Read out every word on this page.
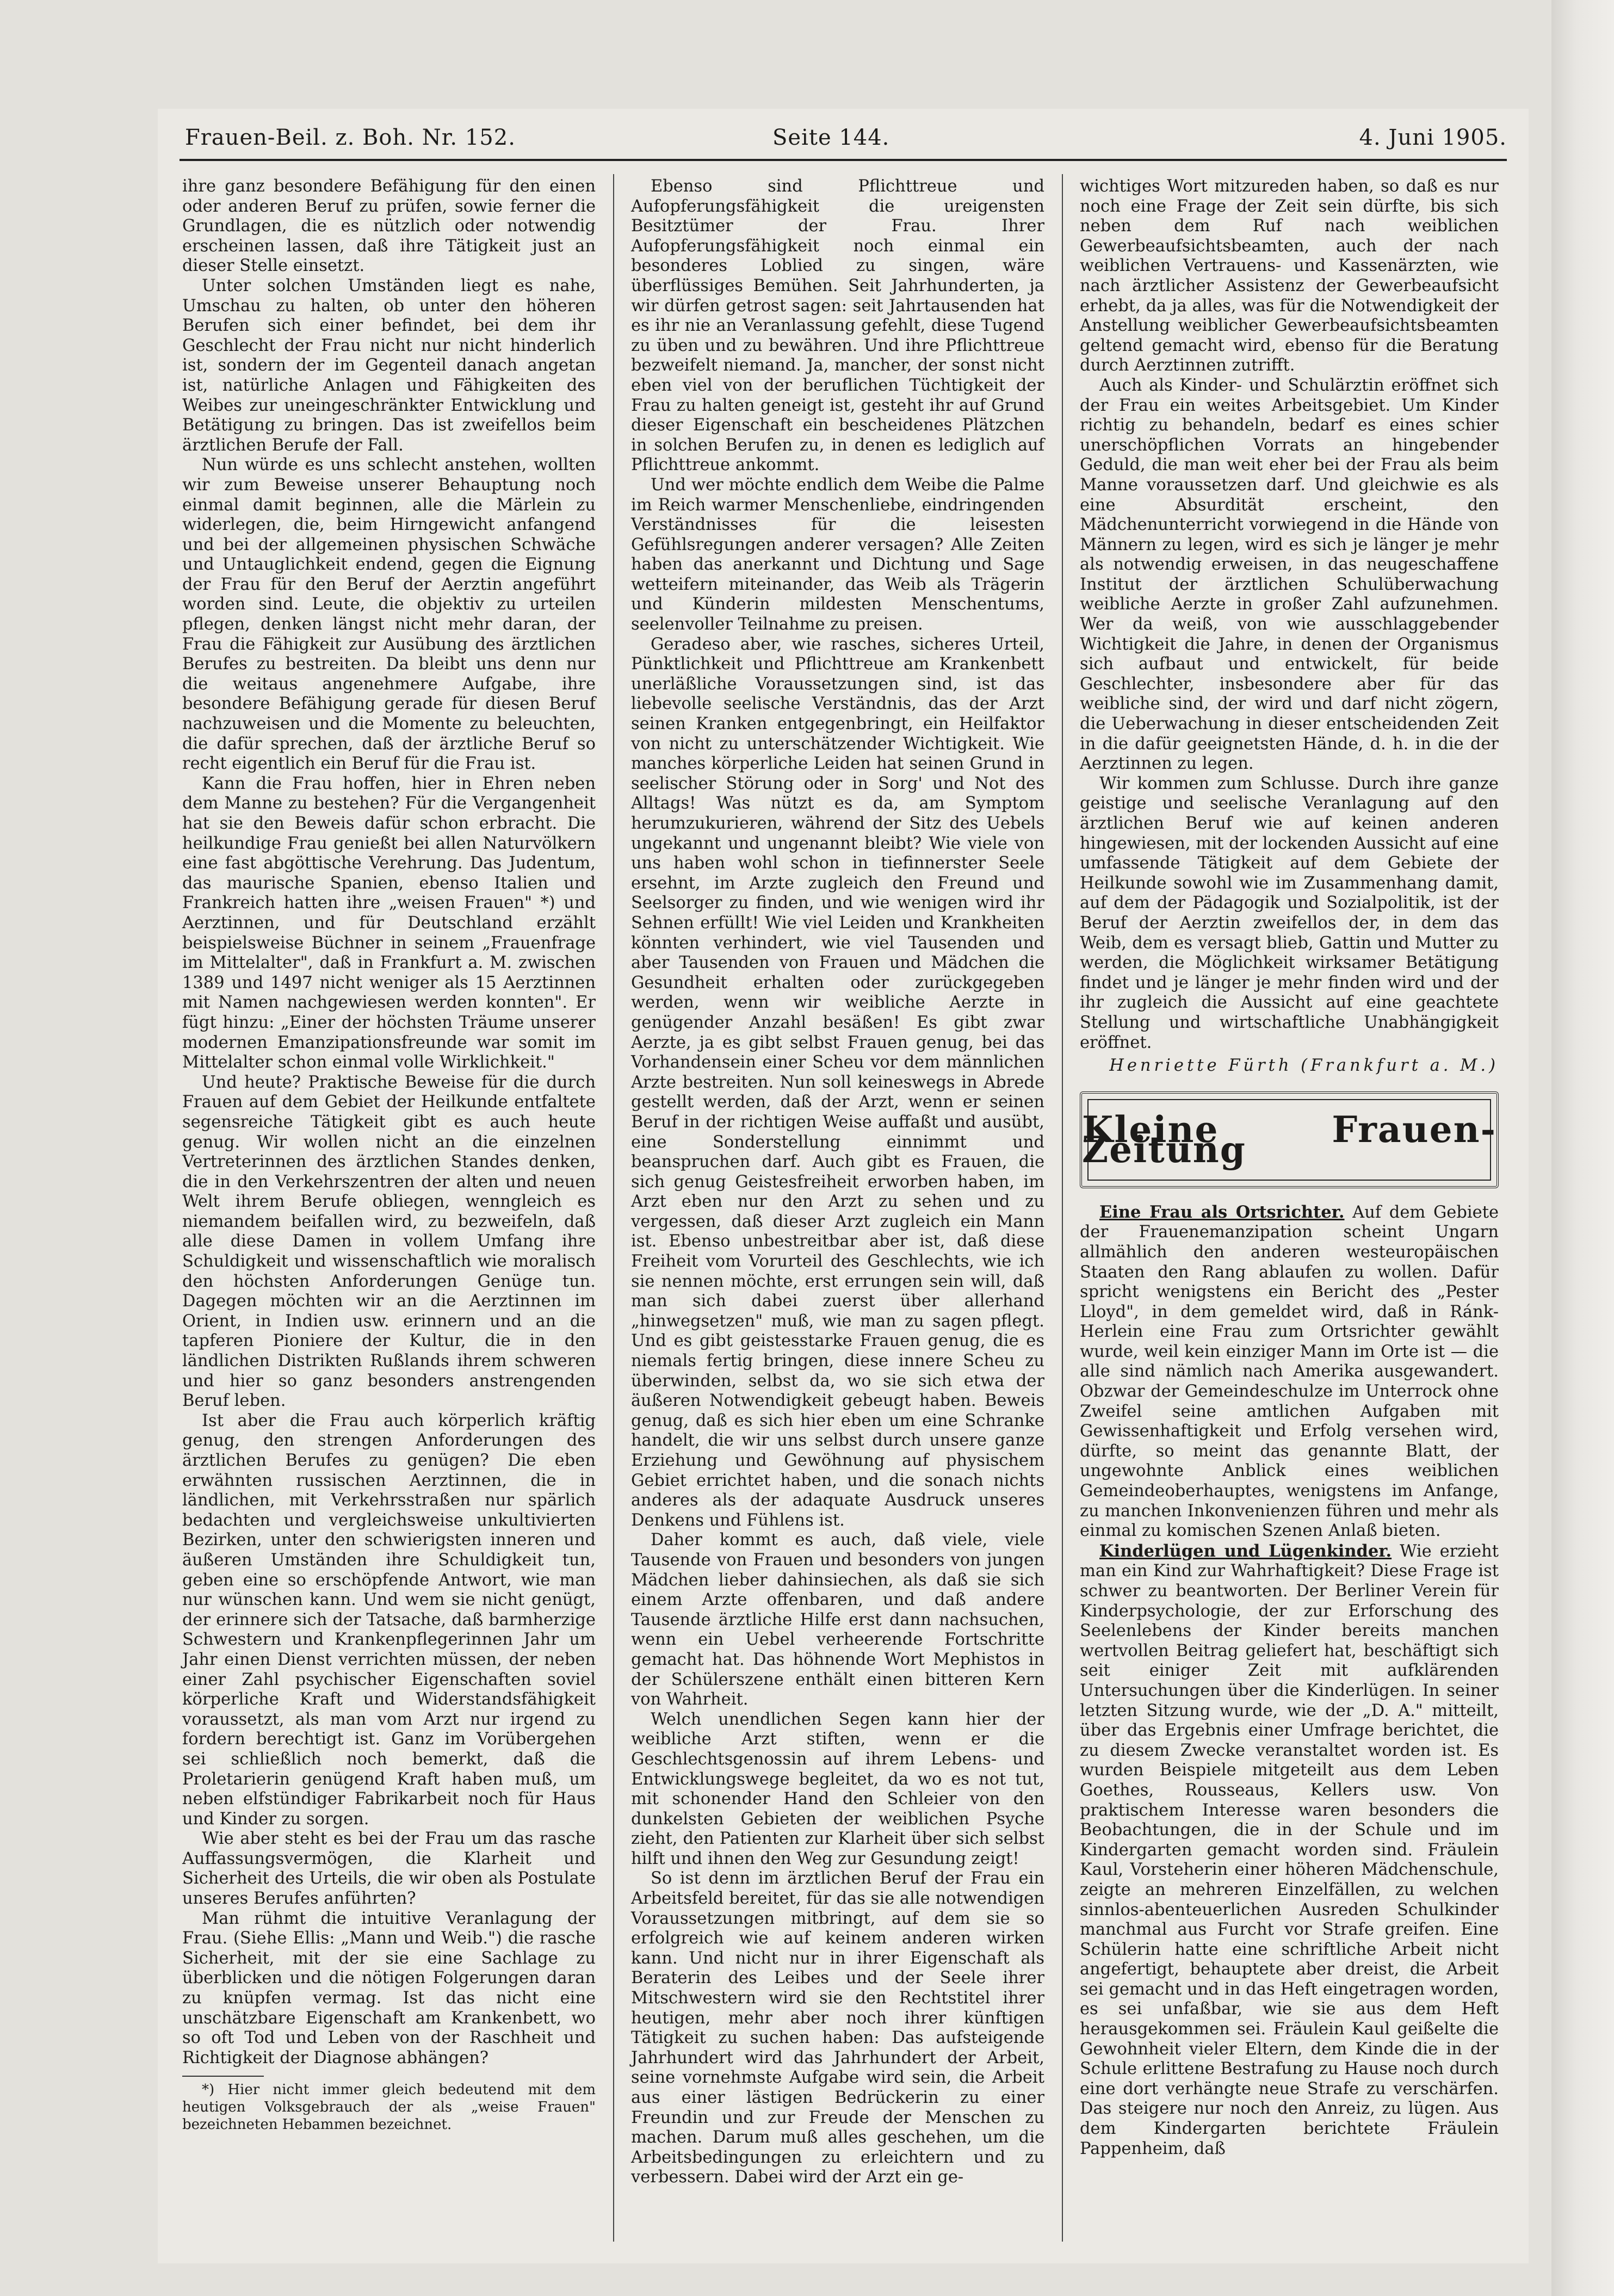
Frauen-Beil. z. Boh. Nr. 152.	Seite 144.	4. Juni 1905.

ihre ganz besondere Befähigung für den einen oder anderen Beruf zu prüfen, sowie ferner die Grundlagen, die es nützlich oder notwendig erscheinen lassen, daß ihre Tätigkeit just an dieser Stelle einsetzt.

Unter solchen Umständen liegt es nahe, Umschau zu halten, ob unter den höheren Berufen sich einer befindet, bei dem ihr Geschlecht der Frau nicht nur nicht hinderlich ist, sondern der im Gegenteil danach angetan ist, natürliche Anlagen und Fähigkeiten des Weibes zur uneingeschränkter Entwicklung und Betätigung zu bringen. Das ist zweifellos beim ärztlichen Berufe der Fall.

Nun würde es uns schlecht anstehen, wollten wir zum Beweise unserer Behauptung noch einmal damit beginnen, alle die Märlein zu widerlegen, die, beim Hirngewicht anfangend und bei der allgemeinen physischen Schwäche und Untauglichkeit endend, gegen die Eignung der Frau für den Beruf der Aerztin angeführt worden sind. Leute, die objektiv zu urteilen pflegen, denken längst nicht mehr daran, der Frau die Fähigkeit zur Ausübung des ärztlichen Berufes zu bestreiten. Da bleibt uns denn nur die weitaus angenehmere Aufgabe, ihre besondere Befähigung gerade für diesen Beruf nachzuweisen und die Momente zu beleuchten, die dafür sprechen, daß der ärztliche Beruf so recht eigentlich ein Beruf für die Frau ist.

Kann die Frau hoffen, hier in Ehren neben dem Manne zu bestehen? Für die Vergangenheit hat sie den Beweis dafür schon erbracht. Die heilkundige Frau genießt bei allen Naturvölkern eine fast abgöttische Verehrung. Das Judentum, das maurische Spanien, ebenso Italien und Frankreich hatten ihre „weisen Frauen" *) und Aerztinnen, und für Deutschland erzählt beispielsweise Büchner in seinem „Frauenfrage im Mittelalter", daß in Frankfurt a. M. zwischen 1389 und 1497 nicht weniger als 15 Aerztinnen mit Namen nachgewiesen werden konnten". Er fügt hinzu: „Einer der höchsten Träume unserer modernen Emanzipationsfreunde war somit im Mittelalter schon einmal volle Wirklichkeit."

Und heute? Praktische Beweise für die durch Frauen auf dem Gebiet der Heilkunde entfaltete segensreiche Tätigkeit gibt es auch heute genug. Wir wollen nicht an die einzelnen Vertreterinnen des ärztlichen Standes denken, die in den Verkehrszentren der alten und neuen Welt ihrem Berufe obliegen, wenngleich es niemandem beifallen wird, zu bezweifeln, daß alle diese Damen in vollem Umfang ihre Schuldigkeit und wissenschaftlich wie moralisch den höchsten Anforderungen Genüge tun. Dagegen möchten wir an die Aerztinnen im Orient, in Indien usw. erinnern und an die tapferen Pioniere der Kultur, die in den ländlichen Distrikten Rußlands ihrem schweren und hier so ganz besonders anstrengenden Beruf leben.

Ist aber die Frau auch körperlich kräftig genug, den strengen Anforderungen des ärztlichen Berufes zu genügen? Die eben erwähnten russischen Aerztinnen, die in ländlichen, mit Verkehrsstraßen nur spärlich bedachten und vergleichsweise unkultivierten Bezirken, unter den schwierigsten inneren und äußeren Umständen ihre Schuldigkeit tun, geben eine so erschöpfende Antwort, wie man nur wünschen kann. Und wem sie nicht genügt, der erinnere sich der Tatsache, daß barmherzige Schwestern und Krankenpflegerinnen Jahr um Jahr einen Dienst verrichten müssen, der neben einer Zahl psychischer Eigenschaften soviel körperliche Kraft und Widerstandsfähigkeit voraussetzt, als man vom Arzt nur irgend zu fordern berechtigt ist. Ganz im Vorübergehen sei schließlich noch bemerkt, daß die Proletarierin genügend Kraft haben muß, um neben elfstündiger Fabrikarbeit noch für Haus und Kinder zu sorgen.

Wie aber steht es bei der Frau um das rasche Auffassungsvermögen, die Klarheit und Sicherheit des Urteils, die wir oben als Postulate unseres Berufes anführten?

Man rühmt die intuitive Veranlagung der Frau. (Siehe Ellis: „Mann und Weib.") die rasche Sicherheit, mit der sie eine Sachlage zu überblicken und die nötigen Folgerungen daran zu knüpfen vermag. Ist das nicht eine unschätzbare Eigenschaft am Krankenbett, wo so oft Tod und Leben von der Raschheit und Richtigkeit der Diagnose abhängen?

*) Hier nicht immer gleich bedeutend mit dem heutigen Volksgebrauch der als „weise Frauen" bezeichneten Hebammen bezeichnet.

Ebenso sind Pflichttreue und Aufopferungsfähigkeit die ureigensten Besitztümer der Frau. Ihrer Aufopferungsfähigkeit noch einmal ein besonderes Loblied zu singen, wäre überflüssiges Bemühen. Seit Jahrhunderten, ja wir dürfen getrost sagen: seit Jahrtausenden hat es ihr nie an Veranlassung gefehlt, diese Tugend zu üben und zu bewähren. Und ihre Pflichttreue bezweifelt niemand. Ja, mancher, der sonst nicht eben viel von der beruflichen Tüchtigkeit der Frau zu halten geneigt ist, gesteht ihr auf Grund dieser Eigenschaft ein bescheidenes Plätzchen in solchen Berufen zu, in denen es lediglich auf Pflichttreue ankommt.

Und wer möchte endlich dem Weibe die Palme im Reich warmer Menschenliebe, eindringenden Verständnisses für die leisesten Gefühlsregungen anderer versagen? Alle Zeiten haben das anerkannt und Dichtung und Sage wetteifern miteinander, das Weib als Trägerin und Künderin mildesten Menschentums, seelenvoller Teilnahme zu preisen.

Geradeso aber, wie rasches, sicheres Urteil, Pünktlichkeit und Pflichttreue am Krankenbett unerläßliche Voraussetzungen sind, ist das liebevolle seelische Verständnis, das der Arzt seinen Kranken entgegenbringt, ein Heilfaktor von nicht zu unterschätzender Wichtigkeit. Wie manches körperliche Leiden hat seinen Grund in seelischer Störung oder in Sorg' und Not des Alltags! Was nützt es da, am Symptom herumzukurieren, während der Sitz des Uebels ungekannt und ungenannt bleibt? Wie viele von uns haben wohl schon in tiefinnerster Seele ersehnt, im Arzte zugleich den Freund und Seelsorger zu finden, und wie wenigen wird ihr Sehnen erfüllt! Wie viel Leiden und Krankheiten könnten verhindert, wie viel Tausenden und aber Tausenden von Frauen und Mädchen die Gesundheit erhalten oder zurückgegeben werden, wenn wir weibliche Aerzte in genügender Anzahl besäßen! Es gibt zwar Aerzte, ja es gibt selbst Frauen genug, bei das Vorhandensein einer Scheu vor dem männlichen Arzte bestreiten. Nun soll keineswegs in Abrede gestellt werden, daß der Arzt, wenn er seinen Beruf in der richtigen Weise auffaßt und ausübt, eine Sonderstellung einnimmt und beanspruchen darf. Auch gibt es Frauen, die sich genug Geistesfreiheit erworben haben, im Arzt eben nur den Arzt zu sehen und zu vergessen, daß dieser Arzt zugleich ein Mann ist. Ebenso unbestreitbar aber ist, daß diese Freiheit vom Vorurteil des Geschlechts, wie ich sie nennen möchte, erst errungen sein will, daß man sich dabei zuerst über allerhand „hinwegsetzen" muß, wie man zu sagen pflegt. Und es gibt geistesstarke Frauen genug, die es niemals fertig bringen, diese innere Scheu zu überwinden, selbst da, wo sie sich etwa der äußeren Notwendigkeit gebeugt haben. Beweis genug, daß es sich hier eben um eine Schranke handelt, die wir uns selbst durch unsere ganze Erziehung und Gewöhnung auf physischem Gebiet errichtet haben, und die sonach nichts anderes als der adaquate Ausdruck unseres Denkens und Fühlens ist.

Daher kommt es auch, daß viele, viele Tausende von Frauen und besonders von jungen Mädchen lieber dahinsiechen, als daß sie sich einem Arzte offenbaren, und daß andere Tausende ärztliche Hilfe erst dann nachsuchen, wenn ein Uebel verheerende Fortschritte gemacht hat. Das höhnende Wort Mephistos in der Schülerszene enthält einen bitteren Kern von Wahrheit.

Welch unendlichen Segen kann hier der weibliche Arzt stiften, wenn er die Geschlechtsgenossin auf ihrem Lebens- und Entwicklungswege begleitet, da wo es not tut, mit schonender Hand den Schleier von den dunkelsten Gebieten der weiblichen Psyche zieht, den Patienten zur Klarheit über sich selbst hilft und ihnen den Weg zur Gesundung zeigt!

So ist denn im ärztlichen Beruf der Frau ein Arbeitsfeld bereitet, für das sie alle notwendigen Voraussetzungen mitbringt, auf dem sie so erfolgreich wie auf keinem anderen wirken kann. Und nicht nur in ihrer Eigenschaft als Beraterin des Leibes und der Seele ihrer Mitschwestern wird sie den Rechtstitel ihrer heutigen, mehr aber noch ihrer künftigen Tätigkeit zu suchen haben: Das aufsteigende Jahrhundert wird das Jahrhundert der Arbeit, seine vornehmste Aufgabe wird sein, die Arbeit aus einer lästigen Bedrückerin zu einer Freundin und zur Freude der Menschen zu machen. Darum muß alles geschehen, um die Arbeitsbedingungen zu erleichtern und zu verbessern. Dabei wird der Arzt ein ge-

wichtiges Wort mitzureden haben, so daß es nur noch eine Frage der Zeit sein dürfte, bis sich neben dem Ruf nach weiblichen Gewerbeaufsichtsbeamten, auch der nach weiblichen Vertrauens- und Kassenärzten, wie nach ärztlicher Assistenz der Gewerbeaufsicht erhebt, da ja alles, was für die Notwendigkeit der Anstellung weiblicher Gewerbeaufsichtsbeamten geltend gemacht wird, ebenso für die Beratung durch Aerztinnen zutrifft.

Auch als Kinder- und Schulärztin eröffnet sich der Frau ein weites Arbeitsgebiet. Um Kinder richtig zu behandeln, bedarf es eines schier unerschöpflichen Vorrats an hingebender Geduld, die man weit eher bei der Frau als beim Manne voraussetzen darf. Und gleichwie es als eine Absurdität erscheint, den Mädchenunterricht vorwiegend in die Hände von Männern zu legen, wird es sich je länger je mehr als notwendig erweisen, in das neugeschaffene Institut der ärztlichen Schulüberwachung weibliche Aerzte in großer Zahl aufzunehmen. Wer da weiß, von wie ausschlaggebender Wichtigkeit die Jahre, in denen der Organismus sich aufbaut und entwickelt, für beide Geschlechter, insbesondere aber für das weibliche sind, der wird und darf nicht zögern, die Ueberwachung in dieser entscheidenden Zeit in die dafür geeignetsten Hände, d. h. in die der Aerztinnen zu legen.

Wir kommen zum Schlusse. Durch ihre ganze geistige und seelische Veranlagung auf den ärztlichen Beruf wie auf keinen anderen hingewiesen, mit der lockenden Aussicht auf eine umfassende Tätigkeit auf dem Gebiete der Heilkunde sowohl wie im Zusammenhang damit, auf dem der Pädagogik und Sozialpolitik, ist der Beruf der Aerztin zweifellos der, in dem das Weib, dem es versagt blieb, Gattin und Mutter zu werden, die Möglichkeit wirksamer Betätigung findet und je länger je mehr finden wird und der ihr zugleich die Aussicht auf eine geachtete Stellung und wirtschaftliche Unabhängigkeit eröffnet.

Henriette Fürth (Frankfurt a. M.)

Kleine Frauen-Zeitung

Eine Frau als Ortsrichter. Auf dem Gebiete der Frauenemanzipation scheint Ungarn allmählich den anderen westeuropäischen Staaten den Rang ablaufen zu wollen. Dafür spricht wenigstens ein Bericht des „Pester Lloyd", in dem gemeldet wird, daß in Ránk-Herlein eine Frau zum Ortsrichter gewählt wurde, weil kein einziger Mann im Orte ist — die alle sind nämlich nach Amerika ausgewandert. Obzwar der Gemeindeschulze im Unterrock ohne Zweifel seine amtlichen Aufgaben mit Gewissenhaftigkeit und Erfolg versehen wird, dürfte, so meint das genannte Blatt, der ungewohnte Anblick eines weiblichen Gemeindeoberhauptes, wenigstens im Anfange, zu manchen Inkonvenienzen führen und mehr als einmal zu komischen Szenen Anlaß bieten.

Kinderlügen und Lügenkinder. Wie erzieht man ein Kind zur Wahrhaftigkeit? Diese Frage ist schwer zu beantworten. Der Berliner Verein für Kinderpsychologie, der zur Erforschung des Seelenlebens der Kinder bereits manchen wertvollen Beitrag geliefert hat, beschäftigt sich seit einiger Zeit mit aufklärenden Untersuchungen über die Kinderlügen. In seiner letzten Sitzung wurde, wie der „D. A." mitteilt, über das Ergebnis einer Umfrage berichtet, die zu diesem Zwecke veranstaltet worden ist. Es wurden Beispiele mitgeteilt aus dem Leben Goethes, Rousseaus, Kellers usw. Von praktischem Interesse waren besonders die Beobachtungen, die in der Schule und im Kindergarten gemacht worden sind. Fräulein Kaul, Vorsteherin einer höheren Mädchenschule, zeigte an mehreren Einzelfällen, zu welchen sinnlos-abenteuerlichen Ausreden Schulkinder manchmal aus Furcht vor Strafe greifen. Eine Schülerin hatte eine schriftliche Arbeit nicht angefertigt, behauptete aber dreist, die Arbeit sei gemacht und in das Heft eingetragen worden, es sei unfaßbar, wie sie aus dem Heft herausgekommen sei. Fräulein Kaul geißelte die Gewohnheit vieler Eltern, dem Kinde die in der Schule erlittene Bestrafung zu Hause noch durch eine dort verhängte neue Strafe zu verschärfen. Das steigere nur noch den Anreiz, zu lügen. Aus dem Kindergarten berichtete Fräulein Pappenheim, daß
